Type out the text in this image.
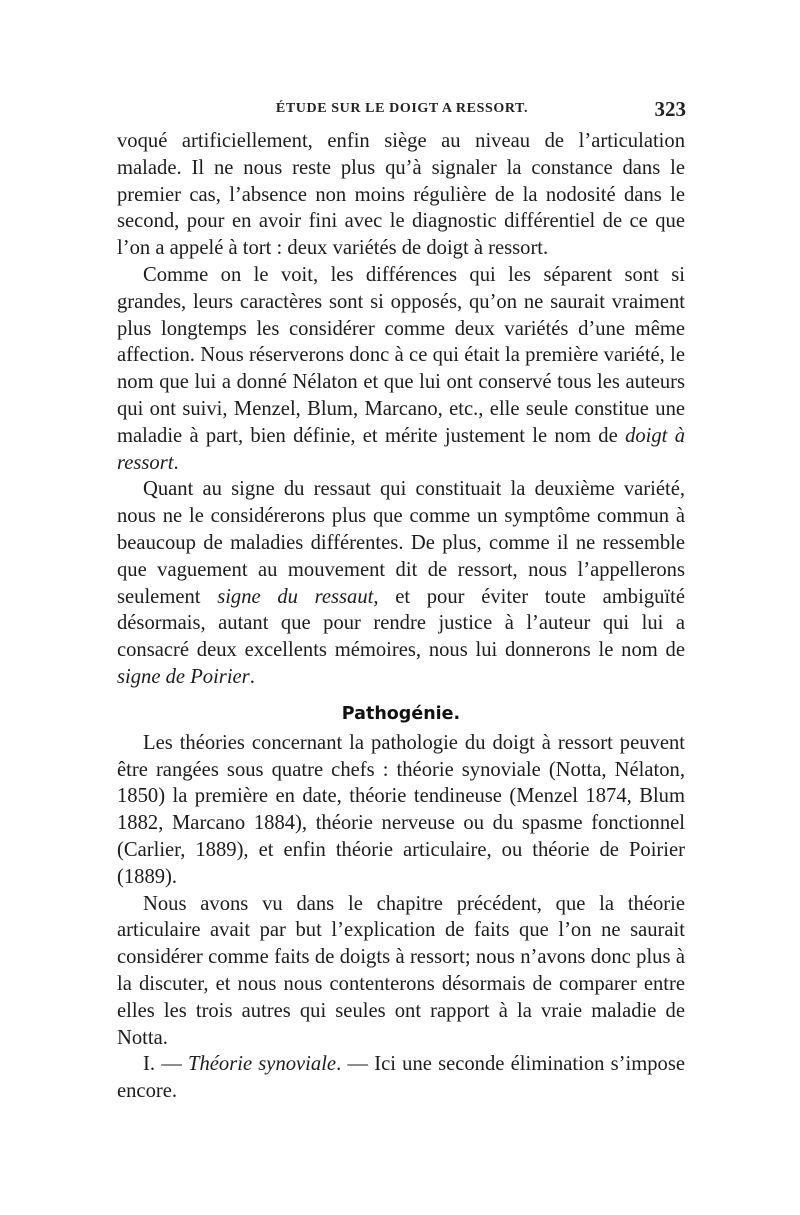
ÉTUDE SUR LE DOIGT A RESSORT.	323

voqué artificiellement, enfin siège au niveau de l’articulation malade. Il ne nous reste plus qu’à signaler la constance dans le premier cas, l’absence non moins régulière de la nodosité dans le second, pour en avoir fini avec le diagnostic différentiel de ce que l’on a appelé à tort : deux variétés de doigt à ressort.

Comme on le voit, les différences qui les séparent sont si grandes, leurs caractères sont si opposés, qu’on ne saurait vraiment plus longtemps les considérer comme deux variétés d’une même affection. Nous réserverons donc à ce qui était la première variété, le nom que lui a donné Nélaton et que lui ont conservé tous les auteurs qui ont suivi, Menzel, Blum, Marcano, etc., elle seule constitue une maladie à part, bien définie, et mérite justement le nom de doigt à ressort.

Quant au signe du ressaut qui constituait la deuxième variété, nous ne le considérerons plus que comme un symptôme commun à beaucoup de maladies différentes. De plus, comme il ne ressemble que vaguement au mouvement dit de ressort, nous l’appellerons seulement signe du ressaut, et pour éviter toute ambiguïté désormais, autant que pour rendre justice à l’auteur qui lui a consacré deux excellents mémoires, nous lui donnerons le nom de signe de Poirier.

Pathogénie.

Les théories concernant la pathologie du doigt à ressort peuvent être rangées sous quatre chefs : théorie synoviale (Notta, Nélaton, 1850) la première en date, théorie tendineuse (Menzel 1874, Blum 1882, Marcano 1884), théorie nerveuse ou du spasme fonctionnel (Carlier, 1889), et enfin théorie articulaire, ou théorie de Poirier (1889).

Nous avons vu dans le chapitre précédent, que la théorie articulaire avait par but l’explication de faits que l’on ne saurait considérer comme faits de doigts à ressort; nous n’avons donc plus à la discuter, et nous nous contenterons désormais de comparer entre elles les trois autres qui seules ont rapport à la vraie maladie de Notta.

I. — Théorie synoviale. — Ici une seconde élimination s’impose encore.
